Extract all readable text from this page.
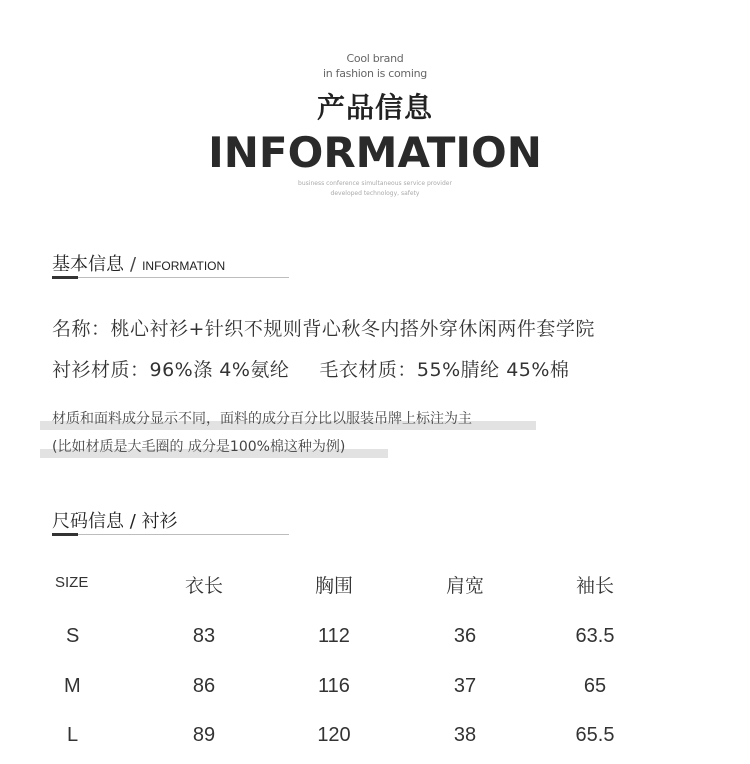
Cool brand
in fashion is coming
产品信息
INFORMATION
business conference simultaneous service provider
developed technology, safety
基本信息 / INFORMATION
名称：桃心衬衫+针织不规则背心秋冬内搭外穿休闲两件套学院
衬衫材质：96%涤 4%氨纶 毛衣材质：55%腈纶 45%棉
材质和面料成分显示不同，面料的成分百分比以服装吊牌上标注为主
(比如材质是大毛圈的 成分是100%棉这种为例)
尺码信息 / 衬衫
SIZE	衣长	胸围	肩宽	袖长
S	83	112	36	63.5
M	86	116	37	65
L	89	120	38	65.5
